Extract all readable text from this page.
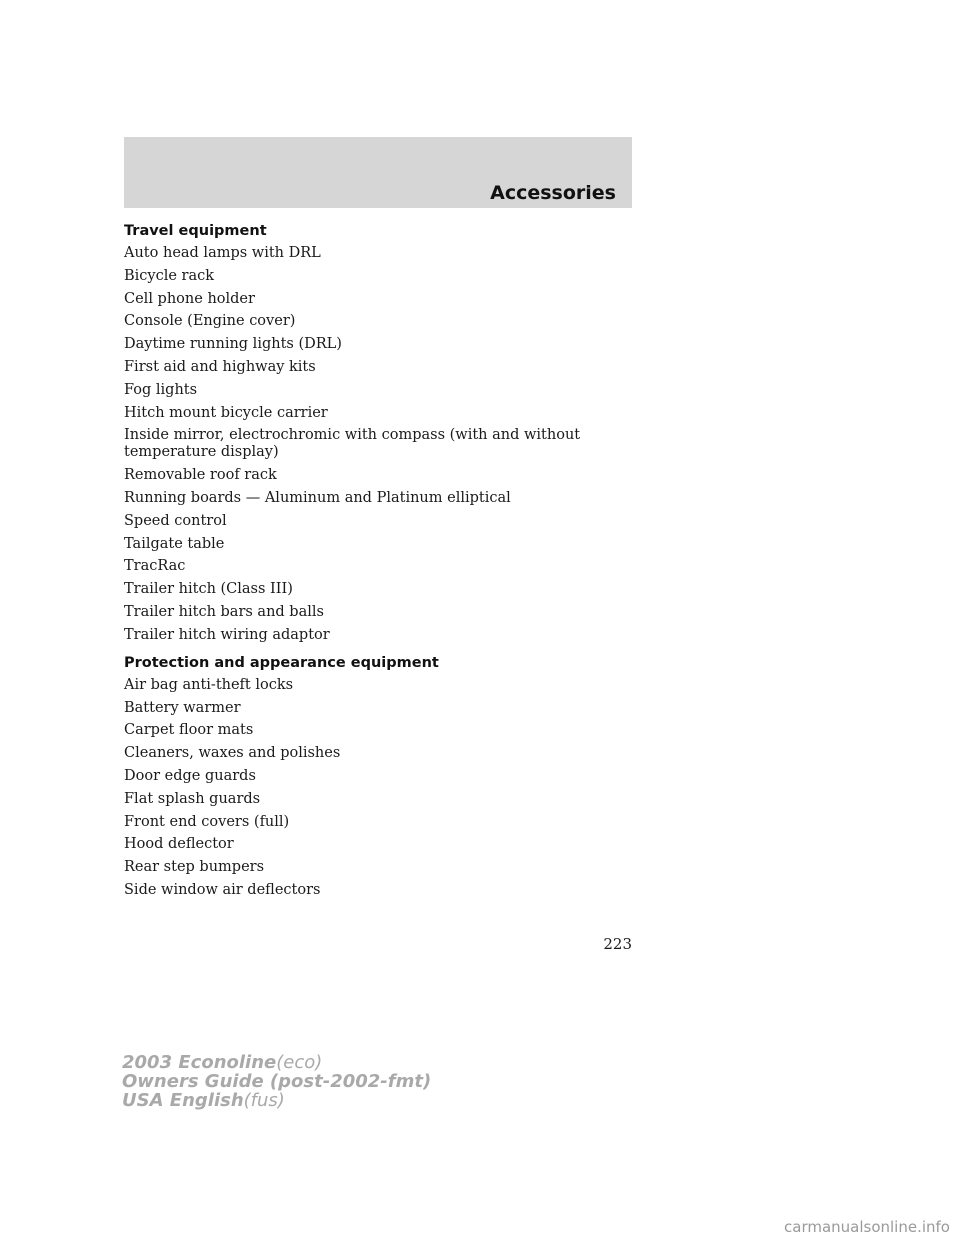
Accessories
Travel equipment
Auto head lamps with DRL
Bicycle rack
Cell phone holder
Console (Engine cover)
Daytime running lights (DRL)
First aid and highway kits
Fog lights
Hitch mount bicycle carrier
Inside mirror, electrochromic with compass (with and without temperature display)
Removable roof rack
Running boards — Aluminum and Platinum elliptical
Speed control
Tailgate table
TracRac
Trailer hitch (Class III)
Trailer hitch bars and balls
Trailer hitch wiring adaptor
Protection and appearance equipment
Air bag anti-theft locks
Battery warmer
Carpet floor mats
Cleaners, waxes and polishes
Door edge guards
Flat splash guards
Front end covers (full)
Hood deflector
Rear step bumpers
Side window air deflectors
223
2003 Econoline(eco)
Owners Guide (post-2002-fmt)
USA English(fus)
carmanualsonline.info
